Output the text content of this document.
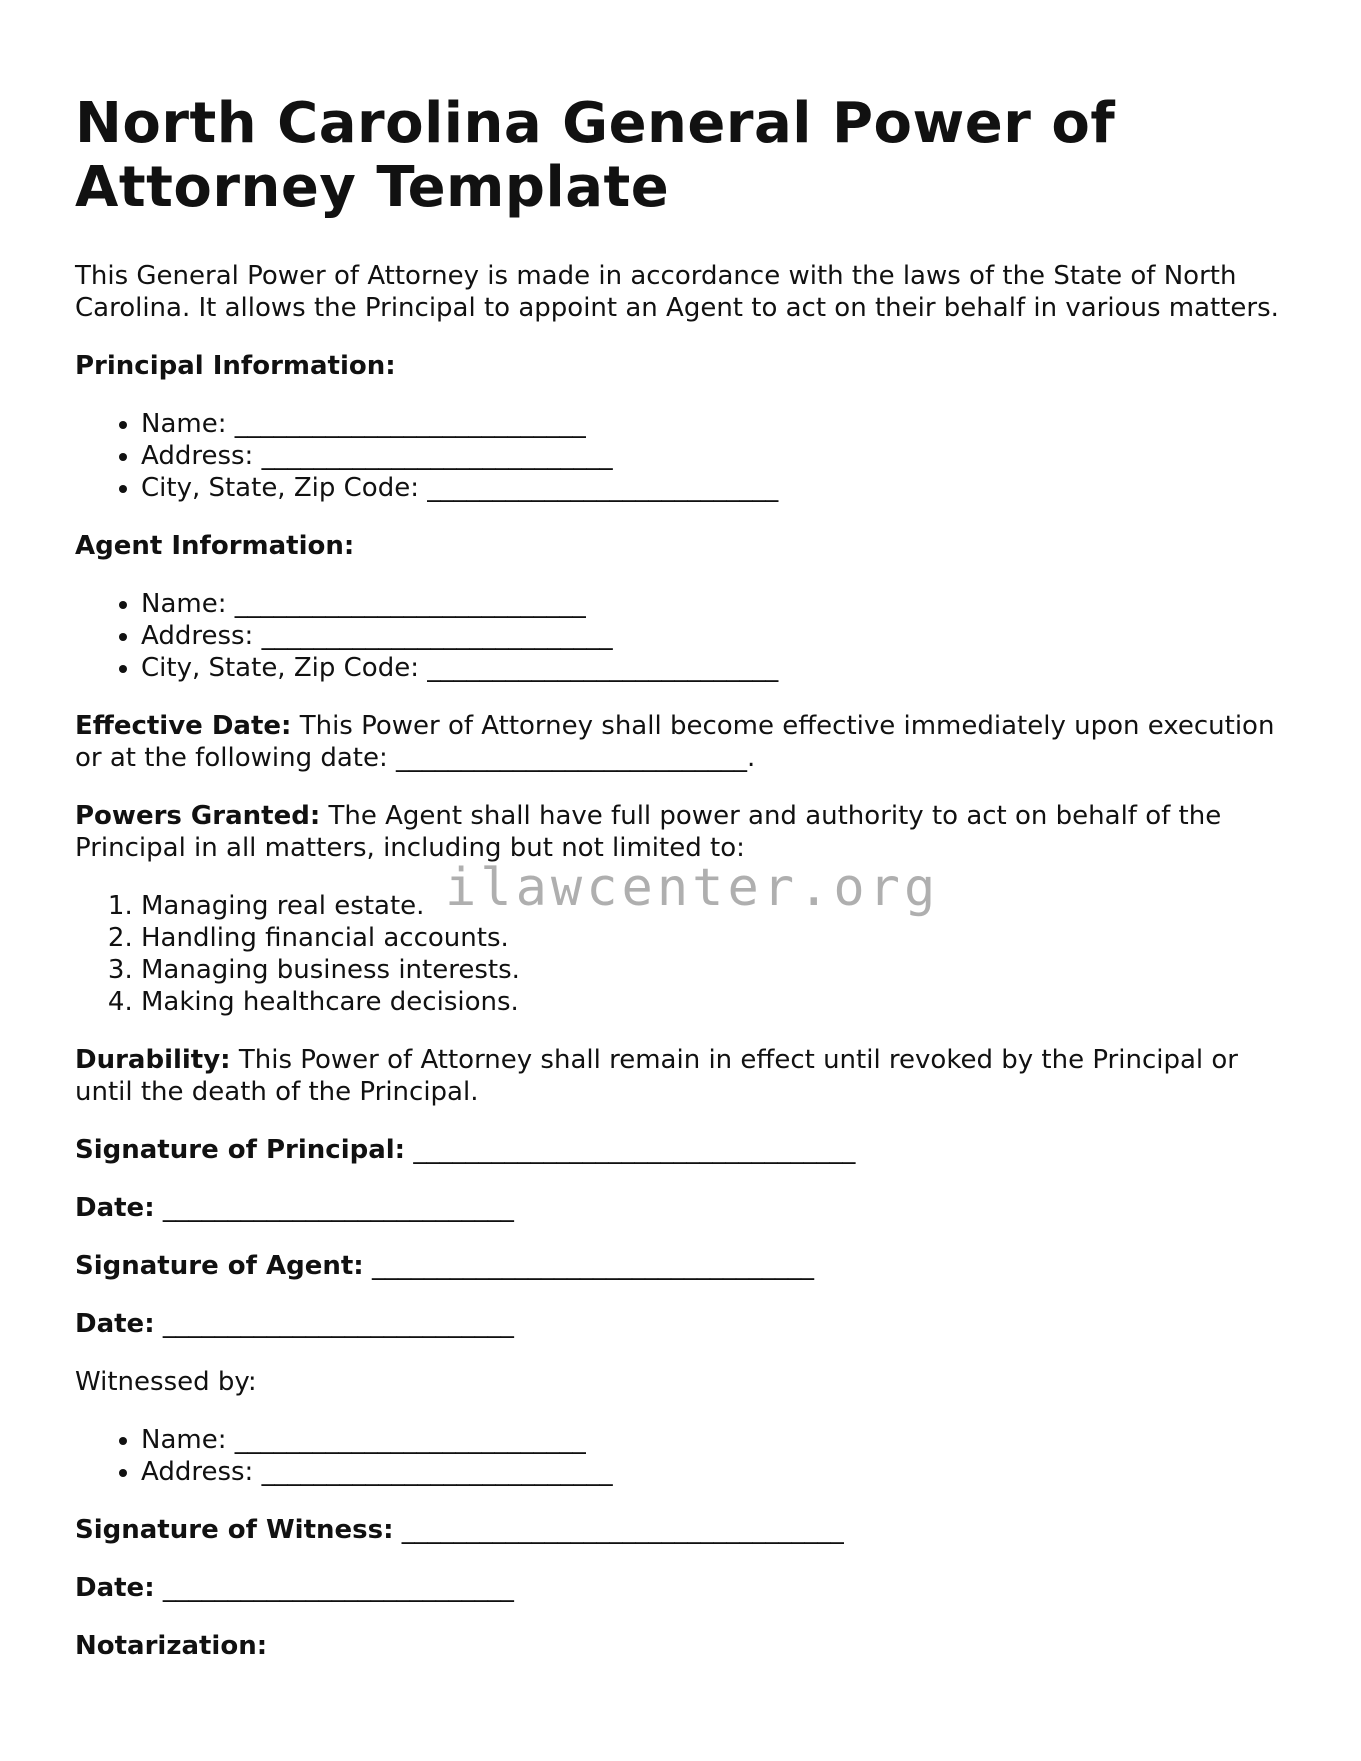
North Carolina General Power of Attorney Template

This General Power of Attorney is made in accordance with the laws of the State of North Carolina. It allows the Principal to appoint an Agent to act on their behalf in various matters.

Principal Information:

• Name: ___________________________
• Address: ___________________________
• City, State, Zip Code: ___________________________

Agent Information:

• Name: ___________________________
• Address: ___________________________
• City, State, Zip Code: ___________________________

Effective Date: This Power of Attorney shall become effective immediately upon execution or at the following date: ___________________________.

Powers Granted: The Agent shall have full power and authority to act on behalf of the Principal in all matters, including but not limited to:

1. Managing real estate.
2. Handling financial accounts.
3. Managing business interests.
4. Making healthcare decisions.

Durability: This Power of Attorney shall remain in effect until revoked by the Principal or until the death of the Principal.

Signature of Principal: __________________________________

Date: ___________________________

Signature of Agent: __________________________________

Date: ___________________________

Witnessed by:

• Name: ___________________________
• Address: ___________________________

Signature of Witness: __________________________________

Date: ___________________________

Notarization:

ilawcenter.org
